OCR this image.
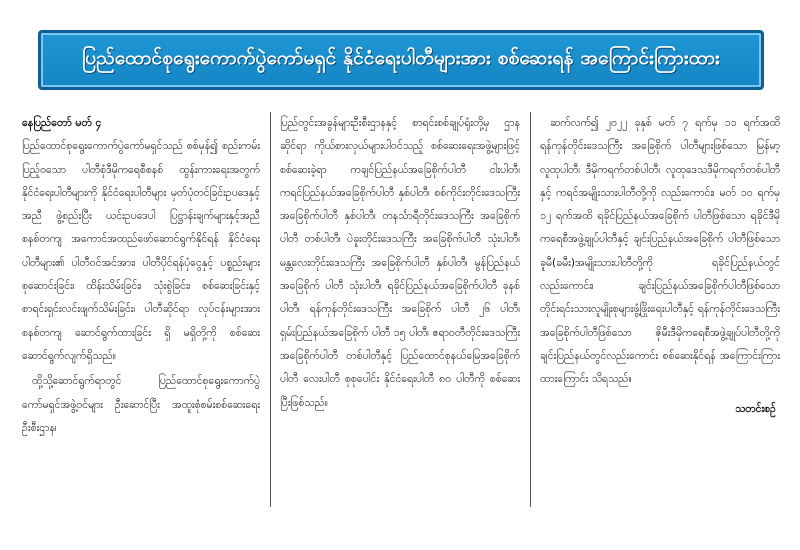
ပြည်ထောင်စုရွေးကောက်ပွဲကော်မရှင် နိုင်ငံရေးပါတီများအား စစ်ဆေးရန် အကြောင်းကြားထား
နေပြည်တော် မတ် ၄
ပြည်ထောင်စုရွေးကောက်ပွဲကော်မရှင်သည် စစ်မှန်၍ စည်းကမ်းပြည့်ဝသော ပါတီစုံဒီမိုကရေစီစနစ် ထွန်းကားရေးအတွက် နိုင်ငံရေးပါတီများကို နိုင်ငံရေးပါတီများ မှတ်ပုံတင်ခြင်းဥပဒေနှင့်အညီ ဖွဲ့စည်းပြီး ယင်းဥပဒေပါ ပြဋ္ဌာန်းချက်များနှင့်အညီ စနစ်တကျ အကောင်အထည်ဖော်ဆောင်ရွက်နိုင်ရန် နိုင်ငံရေးပါတီများ၏ ပါတီဝင်အင်အား၊ ပါတီပိုင်ရန်ပုံငွေနှင့် ပစ္စည်းများစုဆောင်းခြင်း၊ ထိန်းသိမ်းခြင်း၊ သုံးစွဲခြင်း၊ စစ်ဆေးခြင်းနှင့် စာရင်းရှင်းလင်းဖျက်သိမ်းခြင်း၊ ပါတီဆိုင်ရာ လုပ်ငန်းများအား စနစ်တကျ ဆောင်ရွက်ထားခြင်း ရှိ မရှိတို့ကို စစ်ဆေးဆောင်ရွက်လျက်ရှိသည်။
ထို့သို့ဆောင်ရွက်ရာတွင် ပြည်ထောင်စုရွေးကောက်ပွဲကော်မရှင်အဖွဲ့ဝင်များ ဦးဆောင်ပြီး အထူးစုံစမ်းစစ်ဆေးရေးဦးစီးဌာန၊
ပြည်တွင်းအခွန်များဦးစီးဌာနနှင့် စာရင်းစစ်ချုပ်ရုံးတို့မှ ဌာနဆိုင်ရာ ကိုယ်စားလှယ်များပါဝင်သည့် စစ်ဆေးရေးအဖွဲ့များဖြင့် စစ်ဆေးခဲ့ရာ ကချင်ပြည်နယ်အခြေစိုက်ပါတီ ငါးပါတီ၊ ကရင်ပြည်နယ်အခြေစိုက်ပါတီ နှစ်ပါတီ၊ စစ်ကိုင်းတိုင်းဒေသကြီး အခြေစိုက်ပါတီ နှစ်ပါတီ၊ တနင်္သာရီတိုင်းဒေသကြီး အခြေစိုက်ပါတီ တစ်ပါတီ၊ ပဲခူးတိုင်းဒေသကြီး အခြေစိုက်ပါတီ သုံးပါတီ၊ မန္တလေးတိုင်းဒေသကြီး အခြေစိုက်ပါတီ နှစ်ပါတီ၊ မွန်ပြည်နယ်အခြေစိုက် ပါတီ သုံးပါတီ၊ ရခိုင်ပြည်နယ်အခြေစိုက်ပါတီ ခုနစ်ပါတီ၊ ရန်ကုန်တိုင်းဒေသကြီး အခြေစိုက် ပါတီ ၂၆ ပါတီ၊ ရှမ်းပြည်နယ်အခြေစိုက် ပါတီ ၁၅ ပါတီ၊ ဧရာဝတီတိုင်းဒေသကြီး အခြေစိုက်ပါတီ တစ်ပါတီနှင့် ပြည်ထောင်စုနယ်မြေအခြေစိုက်ပါတီ လေးပါတီ စုစုပေါင်း နိုင်ငံရေးပါတီ ၈၀ ပါတီကို စစ်ဆေးပြီးဖြစ်သည်။
ဆက်လက်၍ ၂၀၂၂ ခုနှစ် မတ် ၇ ရက်မှ ၁၁ ရက်အထိ ရန်ကုန်တိုင်းဒေသကြီး အခြေစိုက် ပါတီများဖြစ်သော မြန်မာ့လူထုပါတီ၊ ဒီမိုကရက်တစ်ပါတီ၊ လူထုဒေသဒီမိုကရက်တစ်ပါတီနှင့် ကရင်အမျိုးသားပါတီတို့ကို လည်းကောင်း၊ မတ် ၁၀ ရက်မှ ၁၂ ရက်အထိ ရခိုင်ပြည်နယ်အခြေစိုက် ပါတီဖြစ်သော ရခိုင်ဒီမိုကရေစီအဖွဲ့ချုပ်ပါတီနှင့် ချင်းပြည်နယ်အခြေစိုက် ပါတီဖြစ်သော ခူမီ(ခမီး)အမျိုးသားပါတီတို့ကို ရခိုင်ပြည်နယ်တွင် လည်းကောင်း၊ ချင်းပြည်နယ်အခြေစိုက်ပါတီဖြစ်သော တိုင်းရင်းသားလူမျိုးစုများဖွံ့ဖြိုးရေးပါတီနှင့် ရန်ကုန်တိုင်းဒေသကြီး အခြေစိုက်ပါတီဖြစ်သော ဇိုမီးဒီမိုကရေစီအဖွဲ့ချုပ်ပါတီတို့ကို ချင်းပြည်နယ်တွင်လည်းကောင်း စစ်ဆေးနိုင်ရန် အကြောင်းကြားထားကြောင်း သိရသည်။
သတင်းစဉ်
